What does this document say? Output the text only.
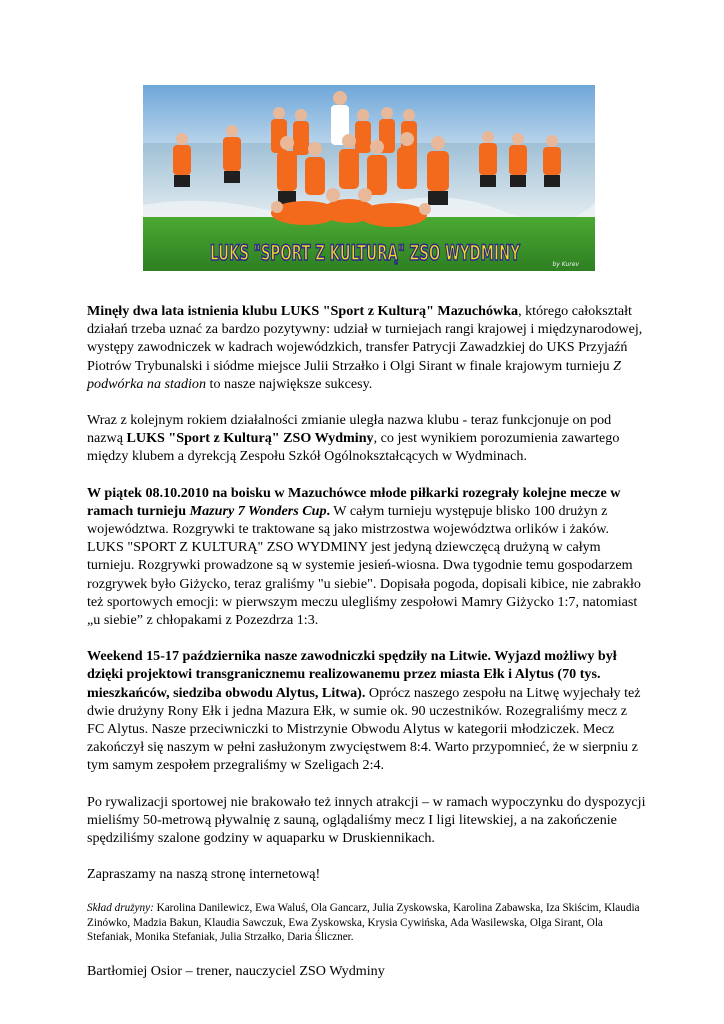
LUKS "SPORT Z KULTURĄ" ZSO WYDMINY	by Kurev

Minęły dwa lata istnienia klubu LUKS "Sport z Kulturą" Mazuchówka, którego całokształt działań trzeba uznać za bardzo pozytywny: udział w turniejach rangi krajowej i międzynarodowej, występy zawodniczek w kadrach wojewódzkich, transfer Patrycji Zawadzkiej do UKS Przyjaźń Piotrów Trybunalski i siódme miejsce Julii Strzałko i Olgi Sirant w finale krajowym turnieju Z podwórka na stadion to nasze największe sukcesy.

Wraz z kolejnym rokiem działalności zmianie uległa nazwa klubu - teraz funkcjonuje on pod nazwą LUKS "Sport z Kulturą" ZSO Wydminy, co jest wynikiem porozumienia zawartego między klubem a dyrekcją Zespołu Szkół Ogólnokształcących w Wydminach.

W piątek 08.10.2010 na boisku w Mazuchówce młode piłkarki rozegrały kolejne mecze w ramach turnieju Mazury 7 Wonders Cup. W całym turnieju występuje blisko 100 drużyn z województwa. Rozgrywki te traktowane są jako mistrzostwa województwa orlików i żaków. LUKS "SPORT Z KULTURĄ" ZSO WYDMINY jest jedyną dziewczęcą drużyną w całym turnieju. Rozgrywki prowadzone są w systemie jesień-wiosna. Dwa tygodnie temu gospodarzem rozgrywek było Giżycko, teraz graliśmy "u siebie". Dopisała pogoda, dopisali kibice, nie zabrakło też sportowych emocji: w pierwszym meczu ulegliśmy zespołowi Mamry Giżycko 1:7, natomiast „u siebie” z chłopakami z Pozezdrza 1:3.

Weekend 15-17 października nasze zawodniczki spędziły na Litwie. Wyjazd możliwy był dzięki projektowi transgranicznemu realizowanemu przez miasta Ełk i Alytus (70 tys. mieszkańców, siedziba obwodu Alytus, Litwa). Oprócz naszego zespołu na Litwę wyjechały też dwie drużyny Rony Ełk i jedna Mazura Ełk, w sumie ok. 90 uczestników. Rozegraliśmy mecz z FC Alytus. Nasze przeciwniczki to Mistrzynie Obwodu Alytus w kategorii młodziczek. Mecz zakończył się naszym w pełni zasłużonym zwycięstwem 8:4. Warto przypomnieć, że w sierpniu z tym samym zespołem przegraliśmy w Szeligach 2:4.

Po rywalizacji sportowej nie brakowało też innych atrakcji – w ramach wypoczynku do dyspozycji mieliśmy 50-metrową pływalnię z sauną, oglądaliśmy mecz I ligi litewskiej, a na zakończenie spędziliśmy szalone godziny w aquaparku w Druskiennikach.

Zapraszamy na naszą stronę internetową!

Skład drużyny: Karolina Danilewicz, Ewa Waluś, Ola Gancarz, Julia Zyskowska, Karolina Zabawska, Iza Skiścim, Klaudia Zinówko, Madzia Bakun, Klaudia Sawczuk, Ewa Zyskowska, Krysia Cywińska, Ada Wasilewska, Olga Sirant, Ola Stefaniak, Monika Stefaniak, Julia Strzałko, Daria Śliczner.

Bartłomiej Osior – trener, nauczyciel ZSO Wydminy
